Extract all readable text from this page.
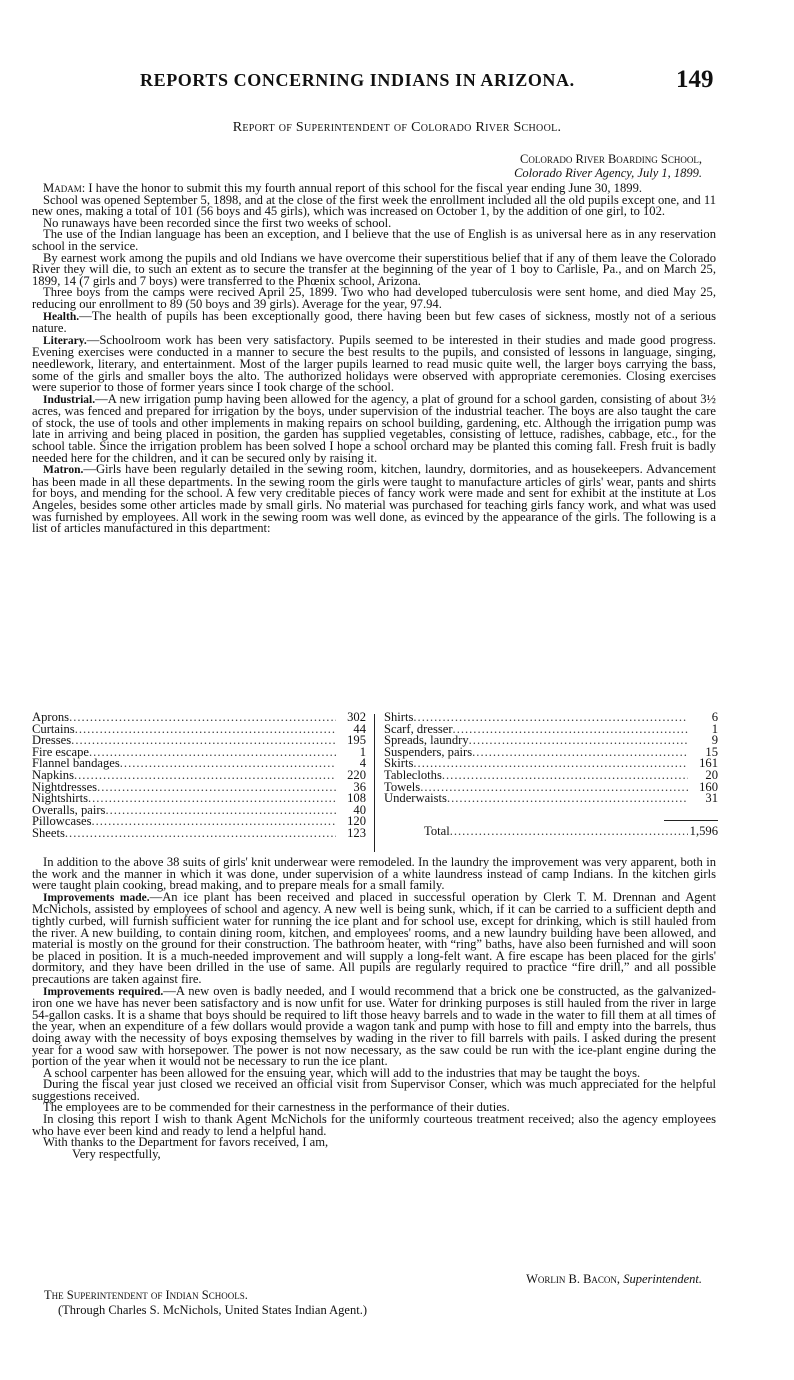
REPORTS CONCERNING INDIANS IN ARIZONA.	149
Report of Superintendent of Colorado River School.
Colorado River Boarding School,
Colorado River Agency, July 1, 1899.

Madam: I have the honor to submit this my fourth annual report of this school for the fiscal year ending June 30, 1899.

School was opened September 5, 1898, and at the close of the first week the enrollment included all the old pupils except one, and 11 new ones, making a total of 101 (56 boys and 45 girls), which was increased on October 1, by the addition of one girl, to 102.

No runaways have been recorded since the first two weeks of school.

The use of the Indian language has been an exception, and I believe that the use of English is as universal here as in any reservation school in the service.

By earnest work among the pupils and old Indians we have overcome their superstitious belief that if any of them leave the Colorado River they will die, to such an extent as to secure the transfer at the beginning of the year of 1 boy to Carlisle, Pa., and on March 25, 1899, 14 (7 girls and 7 boys) were transferred to the Phœnix school, Arizona.

Three boys from the camps were recived April 25, 1899. Two who had developed tuberculosis were sent home, and died May 25, reducing our enrollment to 89 (50 boys and 39 girls). Average for the year, 97.94.

Health.—The health of pupils has been exceptionally good, there having been but few cases of sickness, mostly not of a serious nature.

Literary.—Schoolroom work has been very satisfactory. Pupils seemed to be interested in their studies and made good progress. Evening exercises were conducted in a manner to secure the best results to the pupils, and consisted of lessons in language, singing, needlework, literary, and entertainment. Most of the larger pupils learned to read music quite well, the larger boys carrying the bass, some of the girls and smaller boys the alto. The authorized holidays were observed with appropriate ceremonies. Closing exercises were superior to those of former years since I took charge of the school.

Industrial.—A new irrigation pump having been allowed for the agency, a plat of ground for a school garden, consisting of about 3½ acres, was fenced and prepared for irrigation by the boys, under supervision of the industrial teacher. The boys are also taught the care of stock, the use of tools and other implements in making repairs on school building, gardening, etc. Although the irrigation pump was late in arriving and being placed in position, the garden has supplied vegetables, consisting of lettuce, radishes, cabbage, etc., for the school table. Since the irrigation problem has been solved I hope a school orchard may be planted this coming fall. Fresh fruit is badly needed here for the children, and it can be secured only by raising it.

Matron.—Girls have been regularly detailed in the sewing room, kitchen, laundry, dormitories, and as housekeepers. Advancement has been made in all these departments. In the sewing room the girls were taught to manufacture articles of girls' wear, pants and shirts for boys, and mending for the school. A few very creditable pieces of fancy work were made and sent for exhibit at the institute at Los Angeles, besides some other articles made by small girls. No material was purchased for teaching girls fancy work, and what was used was furnished by employees. All work in the sewing room was well done, as evinced by the appearance of the girls. The following is a list of articles manufactured in this department:

Aprons .....	302
Curtains .....	44
Dresses .....	195
Fire escape .....	1
Flannel bandages .....	4
Napkins .....	220
Nightdresses .....	36
Nightshirts .....	108
Overalls, pairs .....	40
Pillowcases .....	120
Sheets .....	123
Shirts .....	6
Scarf, dresser .....	1
Spreads, laundry .....	9
Suspenders, pairs .....	15
Skirts .....	161
Tablecloths .....	20
Towels .....	160
Underwaists .....	31
Total .....	1,596

In addition to the above 38 suits of girls' knit underwear were remodeled. In the laundry the improvement was very apparent, both in the work and the manner in which it was done, under supervision of a white laundress instead of camp Indians. In the kitchen girls were taught plain cooking, bread making, and to prepare meals for a small family.

Improvements made.—An ice plant has been received and placed in successful operation by Clerk T. M. Drennan and Agent McNichols, assisted by employees of school and agency. A new well is being sunk, which, if it can be carried to a sufficient depth and tightly curbed, will furnish sufficient water for running the ice plant and for school use, except for drinking, which is still hauled from the river. A new building, to contain dining room, kitchen, and employees' rooms, and a new laundry building have been allowed, and material is mostly on the ground for their construction. The bathroom heater, with “ring” baths, have also been furnished and will soon be placed in position. It is a much-needed improvement and will supply a long-felt want. A fire escape has been placed for the girls' dormitory, and they have been drilled in the use of same. All pupils are regularly required to practice “fire drill,” and all possible precautions are taken against fire.

Improvements required.—A new oven is badly needed, and I would recommend that a brick one be constructed, as the galvanized-iron one we have has never been satisfactory and is now unfit for use. Water for drinking purposes is still hauled from the river in large 54-gallon casks. It is a shame that boys should be required to lift those heavy barrels and to wade in the water to fill them at all times of the year, when an expenditure of a few dollars would provide a wagon tank and pump with hose to fill and empty into the barrels, thus doing away with the necessity of boys exposing themselves by wading in the river to fill barrels with pails. I asked during the present year for a wood saw with horsepower. The power is not now necessary, as the saw could be run with the ice-plant engine during the portion of the year when it would not be necessary to run the ice plant.

A school carpenter has been allowed for the ensuing year, which will add to the industries that may be taught the boys.

During the fiscal year just closed we received an official visit from Supervisor Conser, which was much appreciated for the helpful suggestions received.

The employees are to be commended for their carnestness in the performance of their duties.

In closing this report I wish to thank Agent McNichols for the uniformly courteous treatment received; also the agency employees who have ever been kind and ready to lend a helpful hand.

With thanks to the Department for favors received, I am,

Very respectfully,

Worlin B. Bacon, Superintendent.
The Superintendent of Indian Schools.
(Through Charles S. McNichols, United States Indian Agent.)
